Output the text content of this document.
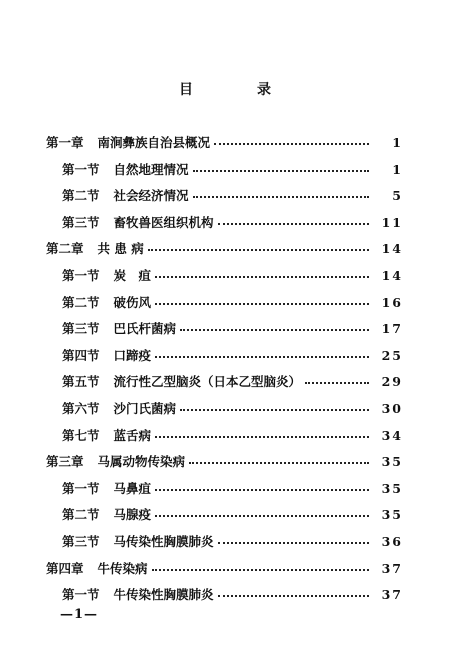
目	录
第一章 南涧彝族自治县概况	1
第一节 自然地理情况	1
第二节 社会经济情况	5
第三节 畜牧兽医组织机构	11
第二章 共 患 病	14
第一节 炭　疽	14
第二节 破伤风	16
第三节 巴氏杆菌病	17
第四节 口蹄疫	25
第五节 流行性乙型脑炎（日本乙型脑炎）	29
第六节 沙门氏菌病	30
第七节 蓝舌病	34
第三章 马属动物传染病	35
第一节 马鼻疽	35
第二节 马腺疫	35
第三节 马传染性胸膜肺炎	36
第四章 牛传染病	37
第一节 牛传染性胸膜肺炎	37
—1—
